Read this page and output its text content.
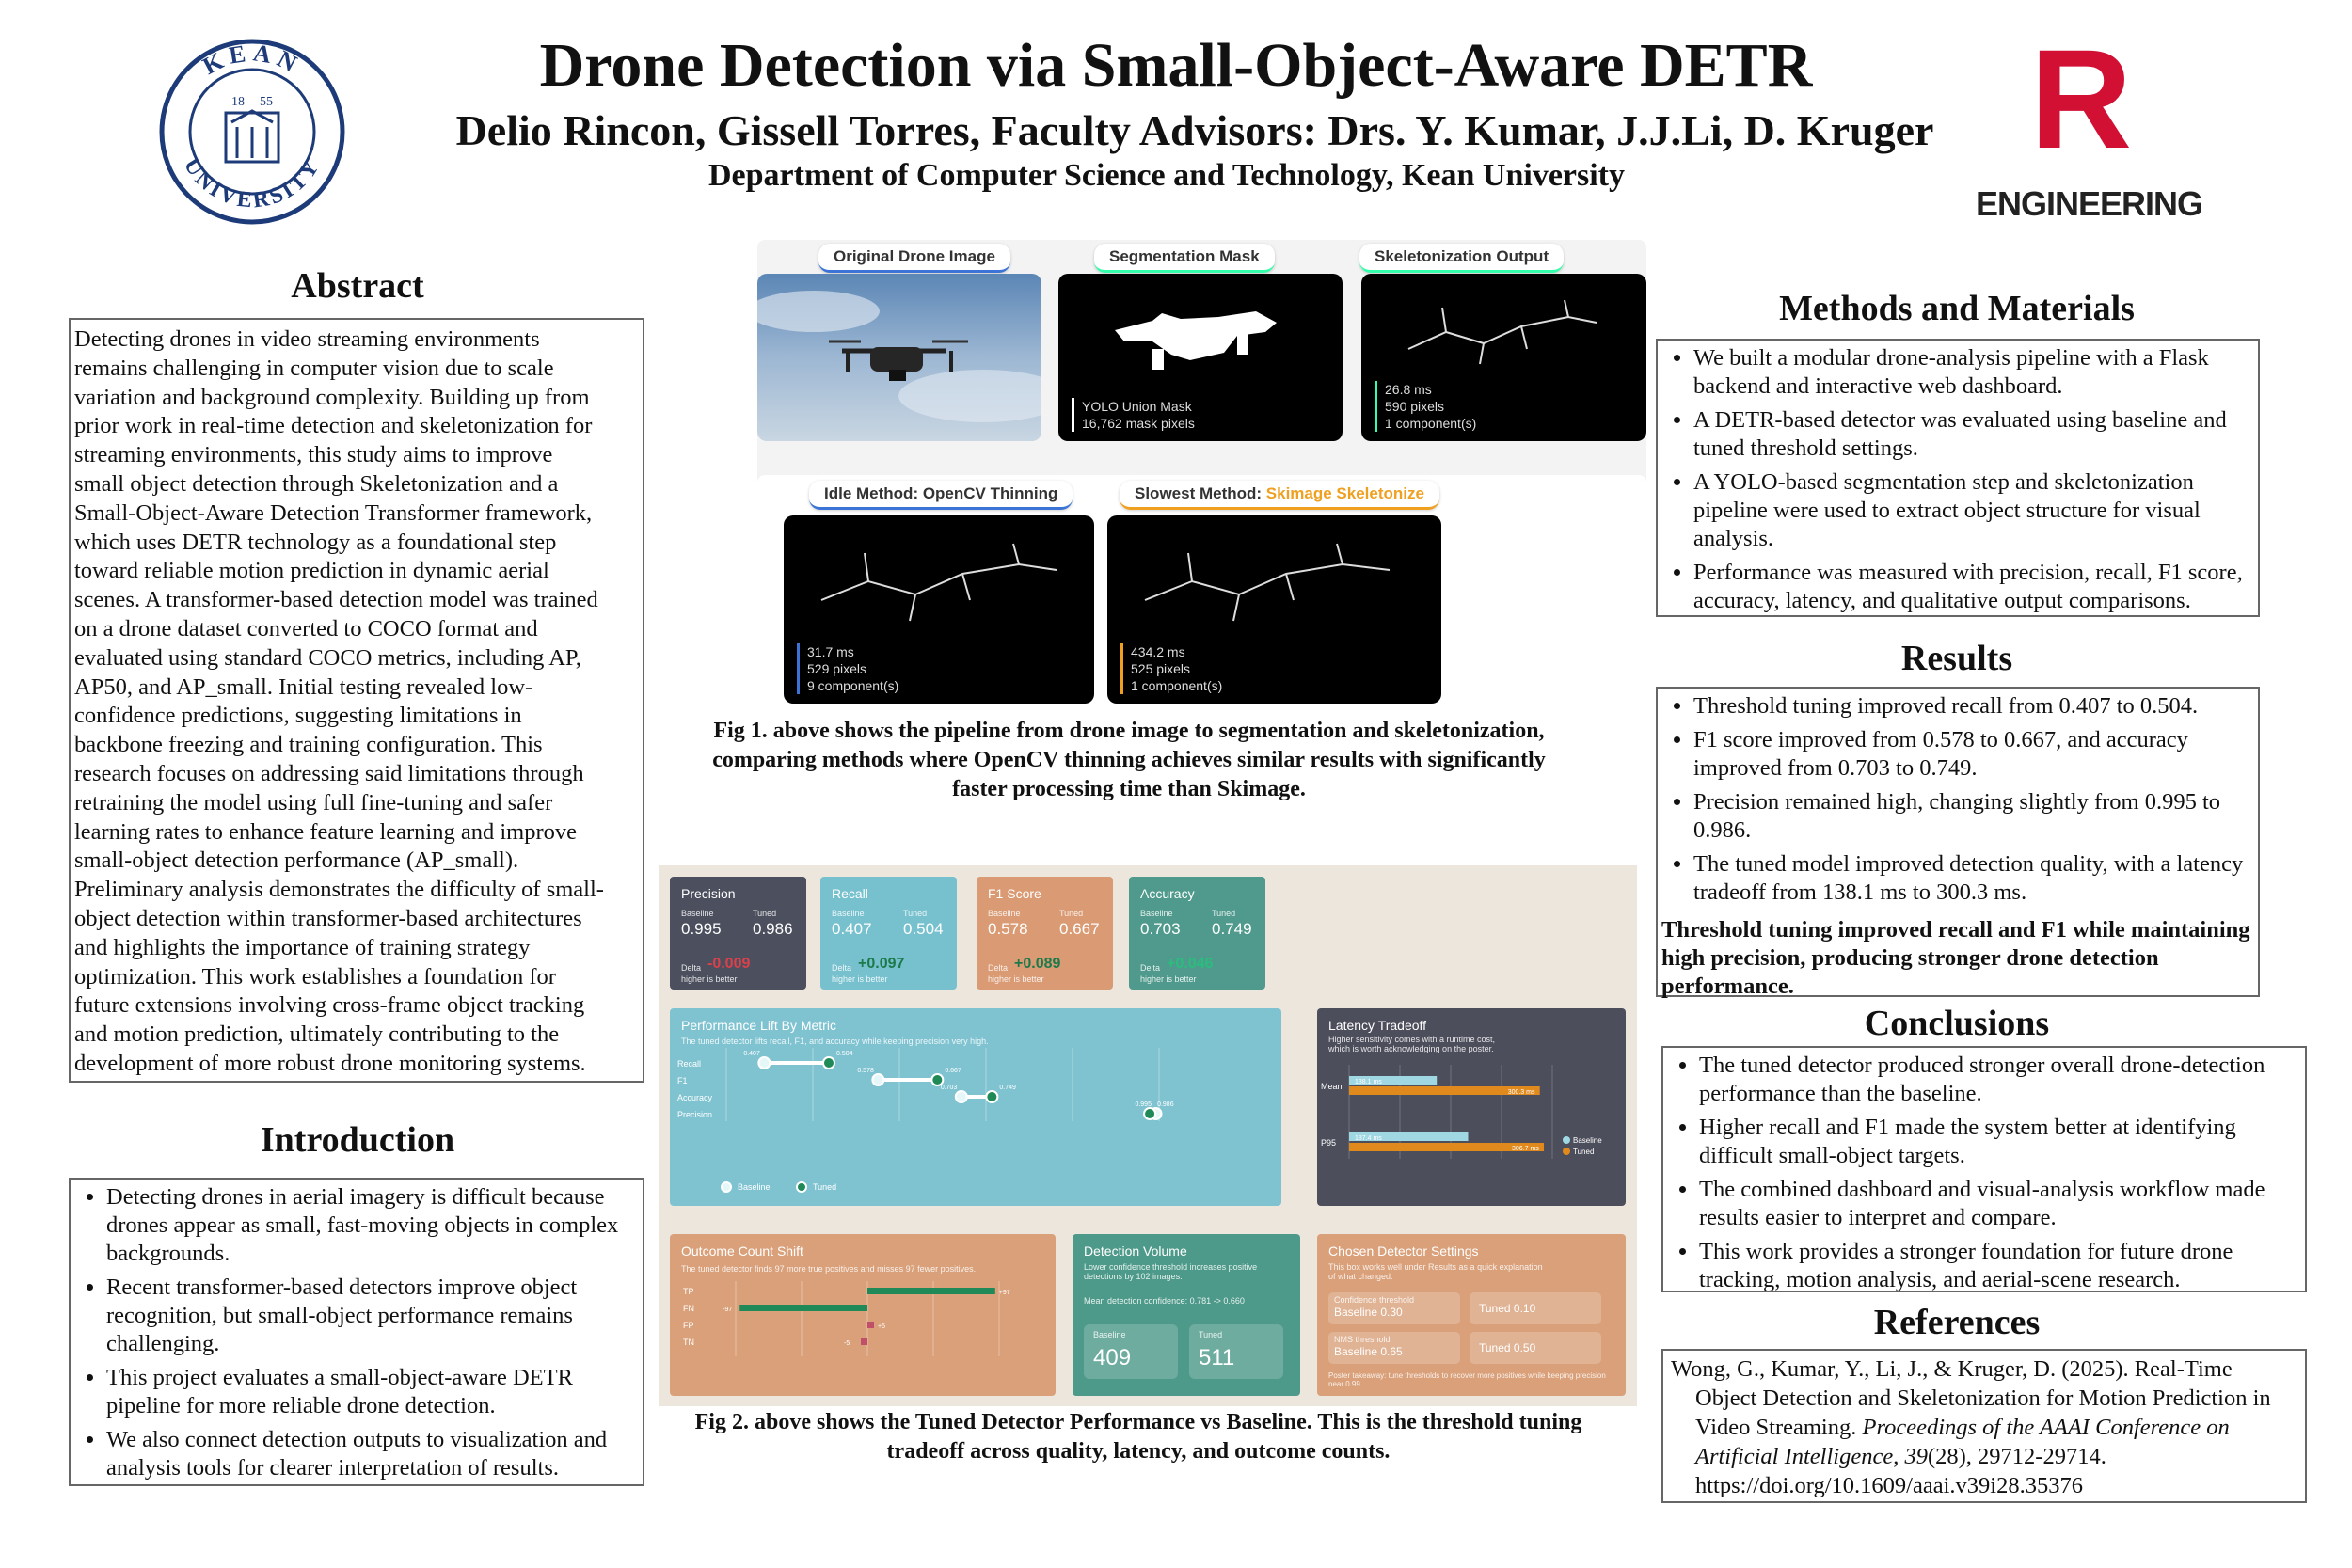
KEAN
UNIVERSITY
18 55
Drone Detection via Small-Object-Aware DETR
Delio Rincon, Gissell Torres, Faculty Advisors: Drs. Y. Kumar, J.J.Li, D. Kruger
Department of Computer Science and Technology, Kean University	R
ENGINEERING
Abstract
Detecting drones in video streaming environments
remains challenging in computer vision due to scale
variation and background complexity. Building up from
prior work in real-time detection and skeletonization for
streaming environments, this study aims to improve
small object detection through Skeletonization and a
Small-Object-Aware Detection Transformer framework,
which uses DETR technology as a foundational step
toward reliable motion prediction in dynamic aerial
scenes. A transformer-based detection model was trained
on a drone dataset converted to COCO format and
evaluated using standard COCO metrics, including AP,
AP50, and AP_small. Initial testing revealed low-
confidence predictions, suggesting limitations in
backbone freezing and training configuration. This
research focuses on addressing said limitations through
retraining the model using full fine-tuning and safer
learning rates to enhance feature learning and improve
small-object detection performance (AP_small).
Preliminary analysis demonstrates the difficulty of small-
object detection within transformer-based architectures
and highlights the importance of training strategy
optimization. This work establishes a foundation for
future extensions involving cross-frame object tracking
and motion prediction, ultimately contributing to the
development of more robust drone monitoring systems.
Introduction
• Detecting drones in aerial imagery is difficult because drones appear as small, fast-moving objects in complex backgrounds.
• Recent transformer-based detectors improve object recognition, but small-object performance remains challenging.
• This project evaluates a small-object-aware DETR pipeline for more reliable drone detection.
• We also connect detection outputs to visualization and analysis tools for clearer interpretation of results.
Original Drone Image	Segmentation Mask	Skeletonization Output
YOLO Union Mask
16,762 mask pixels
26.8 ms
590 pixels
1 component(s)
Idle Method: OpenCV Thinning	Slowest Method: Skimage Skeletonize
31.7 ms
529 pixels
9 component(s)
434.2 ms
525 pixels
1 component(s)
Fig 1. above shows the pipeline from drone image to segmentation and skeletonization, comparing methods where OpenCV thinning achieves similar results with significantly faster processing time than Skimage.
Precision
Baseline	Tuned
0.995 0.986
Delta -0.009
higher is better
Recall
Baseline	Tuned
0.407 0.504
Delta +0.097
higher is better
F1 Score
Baseline	Tuned
0.578 0.667
Delta +0.089
higher is better
Accuracy
Baseline	Tuned
0.703 0.749
Delta +0.046
higher is better
Performance Lift By Metric
The tuned detector lifts recall, F1, and accuracy while keeping precision very high.
Recall
0.407	0.504
F1
0.578	0.667
Accuracy
0.703	0.749
Precision
0.995 0.986
Baseline	Tuned
Latency Tradeoff
Higher sensitivity comes with a runtime cost, which is worth acknowledging on the poster.
Mean 138.1 ms
300.3 ms
P95	187.4 ms
306.7 ms
Baseline
Tuned
Outcome Count Shift
The tuned detector finds 97 more true positives and misses 97 fewer positives.
TP	+97
FN	-97
FP	+5
TN	-5
Detection Volume
Lower confidence threshold increases positive detections by 102 images.
Mean detection confidence: 0.781 -> 0.660
Baseline
409
Tuned
511
Chosen Detector Settings
This box works well under Results as a quick explanation of what changed.
Confidence threshold
Baseline 0.30	Tuned 0.10
NMS threshold
Baseline 0.65	Tuned 0.50
Poster takeaway: tune thresholds to recover more positives while keeping precision near 0.99.
Fig 2. above shows the Tuned Detector Performance vs Baseline. This is the threshold tuning tradeoff across quality, latency, and outcome counts.
Methods and Materials
• We built a modular drone-analysis pipeline with a Flask backend and interactive web dashboard.
• A DETR-based detector was evaluated using baseline and tuned threshold settings.
• A YOLO-based segmentation step and skeletonization pipeline were used to extract object structure for visual analysis.
• Performance was measured with precision, recall, F1 score, accuracy, latency, and qualitative output comparisons.
Results
• Threshold tuning improved recall from 0.407 to 0.504.
• F1 score improved from 0.578 to 0.667, and accuracy improved from 0.703 to 0.749.
• Precision remained high, changing slightly from 0.995 to 0.986.
• The tuned model improved detection quality, with a latency tradeoff from 138.1 ms to 300.3 ms.
Threshold tuning improved recall and F1 while maintaining high precision, producing stronger drone detection performance.
Conclusions
• The tuned detector produced stronger overall drone-detection performance than the baseline.
• Higher recall and F1 made the system better at identifying difficult small-object targets.
• The combined dashboard and visual-analysis workflow made results easier to interpret and compare.
• This work provides a stronger foundation for future drone tracking, motion analysis, and aerial-scene research.
References
Wong, G., Kumar, Y., Li, J., & Kruger, D. (2025). Real-Time Object Detection and Skeletonization for Motion Prediction in Video Streaming. Proceedings of the AAAI Conference on Artificial Intelligence, 39(28), 29712-29714. https://doi.org/10.1609/aaai.v39i28.35376
